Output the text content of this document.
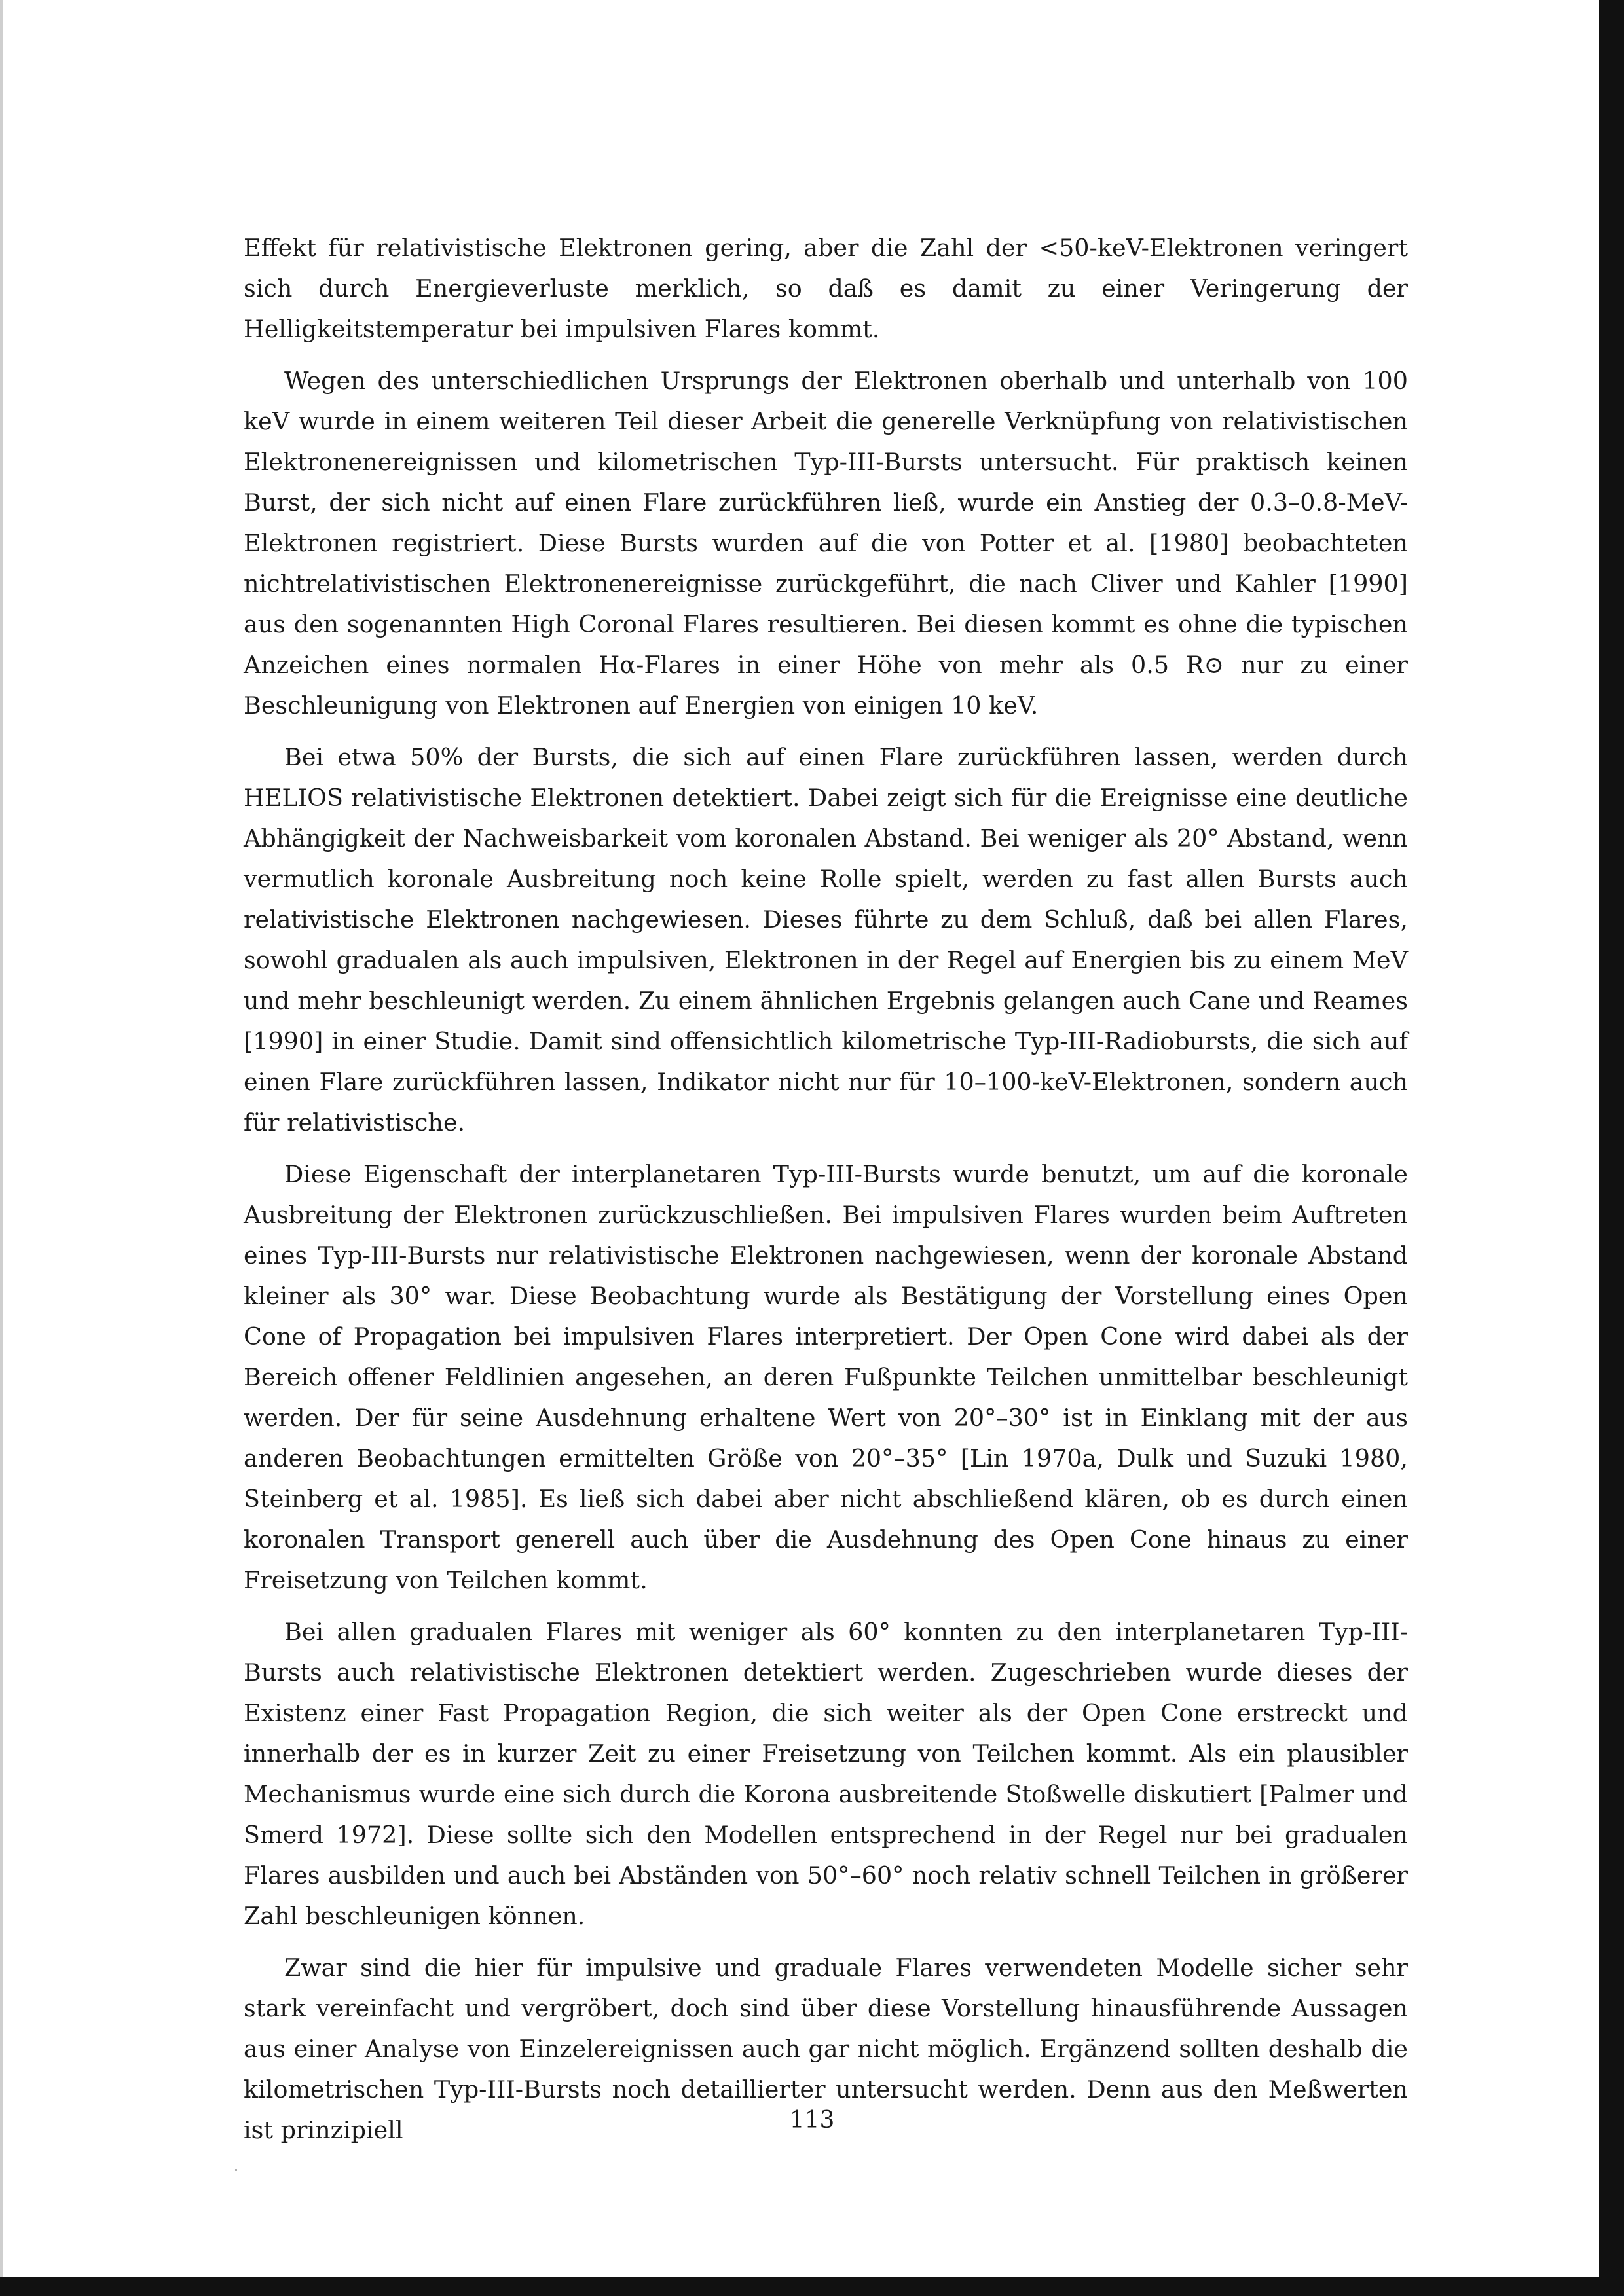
Effekt für relativistische Elektronen gering, aber die Zahl der <50-keV-Elektronen veringert sich durch Energieverluste merklich, so daß es damit zu einer Veringerung der Helligkeitstemperatur bei impulsiven Flares kommt.

Wegen des unterschiedlichen Ursprungs der Elektronen oberhalb und unterhalb von 100 keV wurde in einem weiteren Teil dieser Arbeit die generelle Verknüpfung von relativistischen Elektronenereignissen und kilometrischen Typ-III-Bursts untersucht. Für praktisch keinen Burst, der sich nicht auf einen Flare zurückführen ließ, wurde ein Anstieg der 0.3–0.8-MeV-Elektronen registriert. Diese Bursts wurden auf die von Potter et al. [1980] beobachteten nichtrelativistischen Elektronenereignisse zurückgeführt, die nach Cliver und Kahler [1990] aus den sogenannten High Coronal Flares resultieren. Bei diesen kommt es ohne die typischen Anzeichen eines normalen Hα-Flares in einer Höhe von mehr als 0.5 R⊙ nur zu einer Beschleunigung von Elektronen auf Energien von einigen 10 keV.

Bei etwa 50% der Bursts, die sich auf einen Flare zurückführen lassen, werden durch HELIOS relativistische Elektronen detektiert. Dabei zeigt sich für die Ereignisse eine deutliche Abhängigkeit der Nachweisbarkeit vom koronalen Abstand. Bei weniger als 20° Abstand, wenn vermutlich koronale Ausbreitung noch keine Rolle spielt, werden zu fast allen Bursts auch relativistische Elektronen nachgewiesen. Dieses führte zu dem Schluß, daß bei allen Flares, sowohl gradualen als auch impulsiven, Elektronen in der Regel auf Energien bis zu einem MeV und mehr beschleunigt werden. Zu einem ähnlichen Ergebnis gelangen auch Cane und Reames [1990] in einer Studie. Damit sind offensichtlich kilometrische Typ-III-Radiobursts, die sich auf einen Flare zurückführen lassen, Indikator nicht nur für 10–100-keV-Elektronen, sondern auch für relativistische.

Diese Eigenschaft der interplanetaren Typ-III-Bursts wurde benutzt, um auf die koronale Ausbreitung der Elektronen zurückzuschließen. Bei impulsiven Flares wurden beim Auftreten eines Typ-III-Bursts nur relativistische Elektronen nachgewiesen, wenn der koronale Abstand kleiner als 30° war. Diese Beobachtung wurde als Bestätigung der Vorstellung eines Open Cone of Propagation bei impulsiven Flares interpretiert. Der Open Cone wird dabei als der Bereich offener Feldlinien angesehen, an deren Fußpunkte Teilchen unmittelbar beschleunigt werden. Der für seine Ausdehnung erhaltene Wert von 20°–30° ist in Einklang mit der aus anderen Beobachtungen ermittelten Größe von 20°–35° [Lin 1970a, Dulk und Suzuki 1980, Steinberg et al. 1985]. Es ließ sich dabei aber nicht abschließend klären, ob es durch einen koronalen Transport generell auch über die Ausdehnung des Open Cone hinaus zu einer Freisetzung von Teilchen kommt.

Bei allen gradualen Flares mit weniger als 60° konnten zu den interplanetaren Typ-III-Bursts auch relativistische Elektronen detektiert werden. Zugeschrieben wurde dieses der Existenz einer Fast Propagation Region, die sich weiter als der Open Cone erstreckt und innerhalb der es in kurzer Zeit zu einer Freisetzung von Teilchen kommt. Als ein plausibler Mechanismus wurde eine sich durch die Korona ausbreitende Stoßwelle diskutiert [Palmer und Smerd 1972]. Diese sollte sich den Modellen entsprechend in der Regel nur bei gradualen Flares ausbilden und auch bei Abständen von 50°–60° noch relativ schnell Teilchen in größerer Zahl beschleunigen können.

Zwar sind die hier für impulsive und graduale Flares verwendeten Modelle sicher sehr stark vereinfacht und vergröbert, doch sind über diese Vorstellung hinausführende Aussagen aus einer Analyse von Einzelereignissen auch gar nicht möglich. Ergänzend sollten deshalb die kilometrischen Typ-III-Bursts noch detaillierter untersucht werden. Denn aus den Meßwerten ist prinzipiell	113
